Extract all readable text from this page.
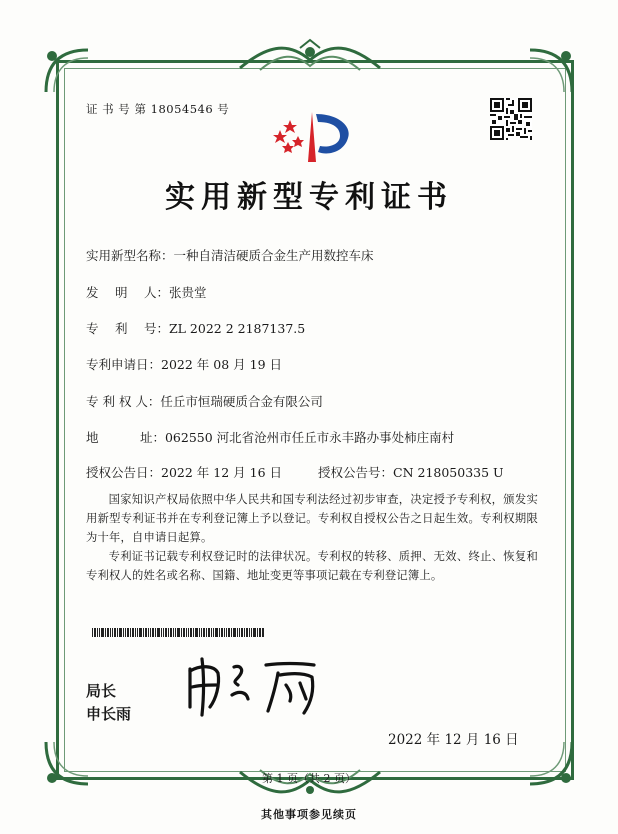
证 书 号 第 18054546 号
实用新型专利证书
实用新型名称：一种自清洁硬质合金生产用数控车床
发　 明　 人：张贵堂
专　 利　 号：ZL 2022 2 2187137.5
专利申请日：2022 年 08 月 19 日
专 利 权 人：任丘市恒瑞硬质合金有限公司
地　　　 址：062550 河北省沧州市任丘市永丰路办事处柿庄南村
授权公告日：2022 年 12 月 16 日	授权公告号：CN 218050335 U
国家知识产权局依照中华人民共和国专利法经过初步审查，决定授予专利权，颁发实用新型专利证书并在专利登记簿上予以登记。专利权自授权公告之日起生效。专利权期限为十年，自申请日起算。
专利证书记载专利权登记时的法律状况。专利权的转移、质押、无效、终止、恢复和专利权人的姓名或名称、国籍、地址变更等事项记载在专利登记簿上。
局长
申长雨
2022 年 12 月 16 日
第 1 页（共 2 页）
其他事项参见续页
